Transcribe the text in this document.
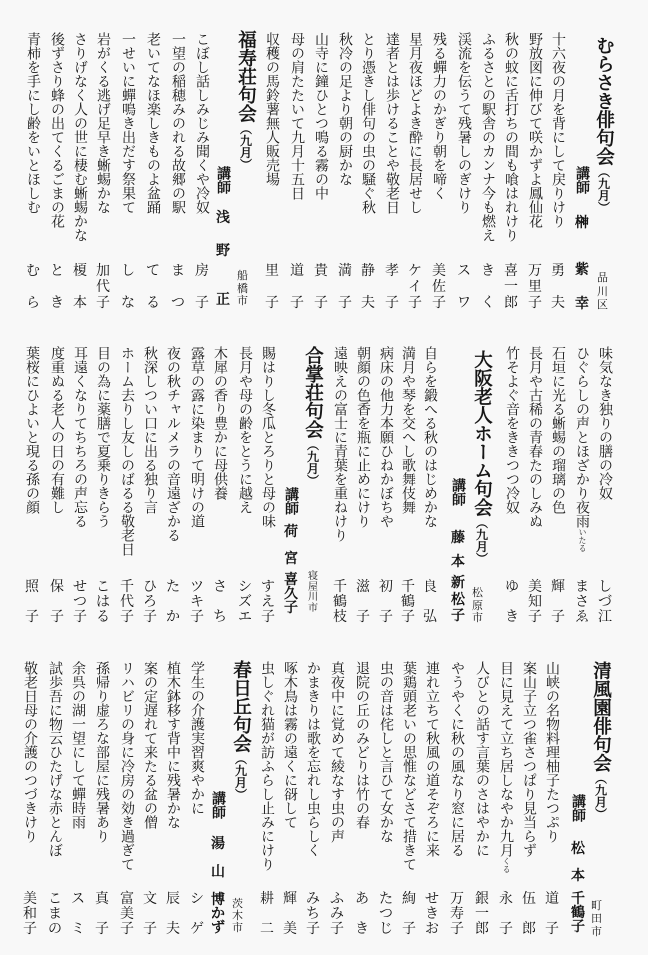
むらさき俳句会（九月）
講師
榊
紫
幸
品
川
区
十六夜の月を背にして戻りけり
勇
夫
野放図に伸びて咲かずよ鳳仙花
万
里
子
秋の蚊に舌打ちの間も喰はれけり
喜
一
郎
ふるさとの駅舎のカンナ今も燃え
き
く
渓流を伝うて残暑しのぎけり
ス
ワ
残る蟬力のかぎり朝を啼く
美
佐
子
星月夜ほどよき酔に長居せし
ケ
イ
子
達者とは歩けることや敬老日
孝
子
とり憑きし俳句の虫の騒ぐ秋
静
夫
秋冷の足より朝の厨かな
満
子
山寺に鐘ひとつ鳴る霧の中
貴
子
母の肩たたいて九月十五日
道
子
収穫の馬鈴薯無人販売場
里
子
福寿荘句会（九月）
講師
浅
野
正
船
橋
市
こぼし話しみじみ聞くや冷奴
房
子
一望の稲穂みのれる故郷の駅
ま
つ
老いてなほ楽しきものよ盆踊
て
る
一せいに蟬鳴き出だす祭果て
し
な
岩がくる逃げ足早き蜥蜴かな
加
代
子
さりげなく人の世に棲む蜥蜴かな
榎
本
後ずさり蜂の出てくるごまの花
と
き
青柿を手にし齢をいとほしむ
む
ら
味気なき独りの膳の冷奴
し
づ
江
ひぐらしの声とほざかり夜雨いたる
ま
さ
ゑ
石垣に光る蜥蜴の瑠璃の色
輝
子
長月や古稀の青春たのしみぬ
美
知
子
竹そよぐ音をききつつ冷奴
ゆ
き
大阪老人ホーム句会（九月）
講師
藤
本
新
松
子
松
原
市
自らを鍛へる秋のはじめかな
良
弘
満月や琴を交へし歌舞伎舞
千
鶴
子
病床の他力本願ひねかぼちや
初
子
朝顔の色香を瓶に止めにけり
滋
子
遠映えの富士に青葉を重ねけり
千
鶴
枝
合掌荘句会（九月）
講師
荷
宮
喜
久
子
寝
屋
川
市
賜はりし冬瓜とろりと母の味
す
え
子
長月や母の齢をとうに越え
シ
ズ
エ
木犀の香り豊かに母供養
さ
ち
露草の露に染まりて明けの道
ツ
キ
子
夜の秋チャルメラの音遠ざかる
た
か
秋深しつい口に出る独り言
ひ
ろ
子
ホーム去りし友しのばるる敬老日
千
代
子
目の為に薬膳で夏乗りきらう
こ
は
る
耳遠くなりてちちろの声忘る
せ
つ
子
度重ぬる老人の日の有難し
保
子
葉桜にひよいと現る孫の顔
照
子
清風園俳句会（九月）
講師
松
本
千
鶴
子
町
田
市
山峡の名物料理柚子たつぷり
道
子
案山子立つ雀さつぱり見当らず
伍
郎
目に見えて立ち居しなやか九月くる
永
子
人びとの話す言葉のさはやかに
銀
一
郎
やうやくに秋の風なり窓に居る
万
寿
子
連れ立ちて秋風の道そぞろに来
せ
き
お
葉鶏頭老いの思惟などさて措きて
絢
子
虫の音は侘しと言ひて女かな
た
つ
じ
退院の丘のみどりは竹の春
あ
き
真夜中に覚めて綾なす虫の声
ふ
み
子
かまきりは歌を忘れし虫らしく
み
ち
子
啄木鳥は霧の遠くに谺して
輝
美
虫しぐれ猫が訪ふらし止みにけり
耕
二
春日丘句会（九月）
講師
湯
山
博
か
ず
茨
木
市
学生の介護実習爽やかに
シ
ゲ
植木鉢移す背中に残暑かな
辰
夫
案の定遅れて来たる盆の僧
文
子
リハビリの身に冷房の効き過ぎて
富
美
子
孫帰り虚ろな部屋に残暑あり
真
子
余呉の湖一望にして蟬時雨
ス
ミ
試歩吾に物云ひたげな赤とんぼ
こ
ま
の
敬老日母の介護のつづきけり
美
和
子
